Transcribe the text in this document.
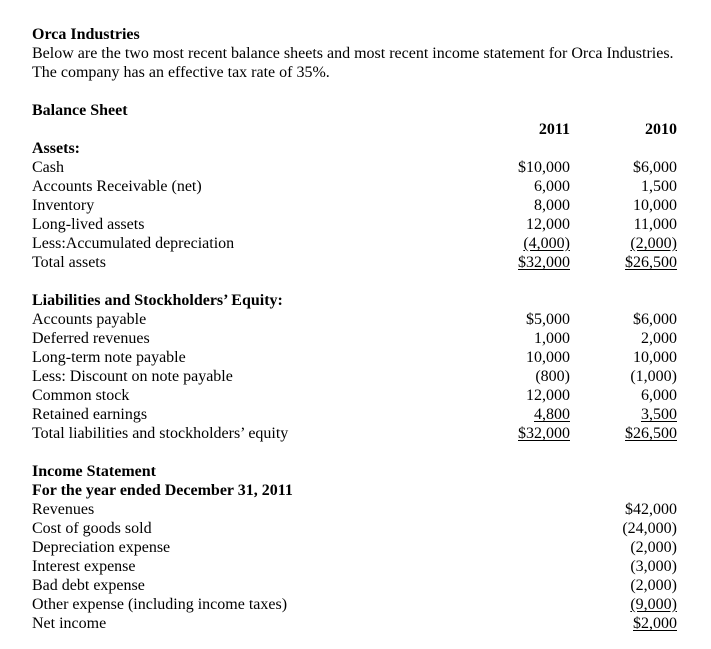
Orca Industries
Below are the two most recent balance sheets and most recent income statement for Orca Industries. The company has an effective tax rate of 35%.
Balance Sheet
2011	2010
Assets:
Cash	$10,000	$6,000
Accounts Receivable (net)	6,000	1,500
Inventory	8,000	10,000
Long-lived assets	12,000	11,000
Less:Accumulated depreciation	(4,000)	(2,000)
Total assets	$32,000	$26,500
Liabilities and Stockholders’ Equity:
Accounts payable	$5,000	$6,000
Deferred revenues	1,000	2,000
Long-term note payable	10,000	10,000
Less: Discount on note payable	(800)	(1,000)
Common stock	12,000	6,000
Retained earnings	4,800	3,500
Total liabilities and stockholders’ equity	$32,000	$26,500
Income Statement
For the year ended December 31, 2011
Revenues	$42,000
Cost of goods sold	(24,000)
Depreciation expense	(2,000)
Interest expense	(3,000)
Bad debt expense	(2,000)
Other expense (including income taxes)	(9,000)
Net income	$2,000
